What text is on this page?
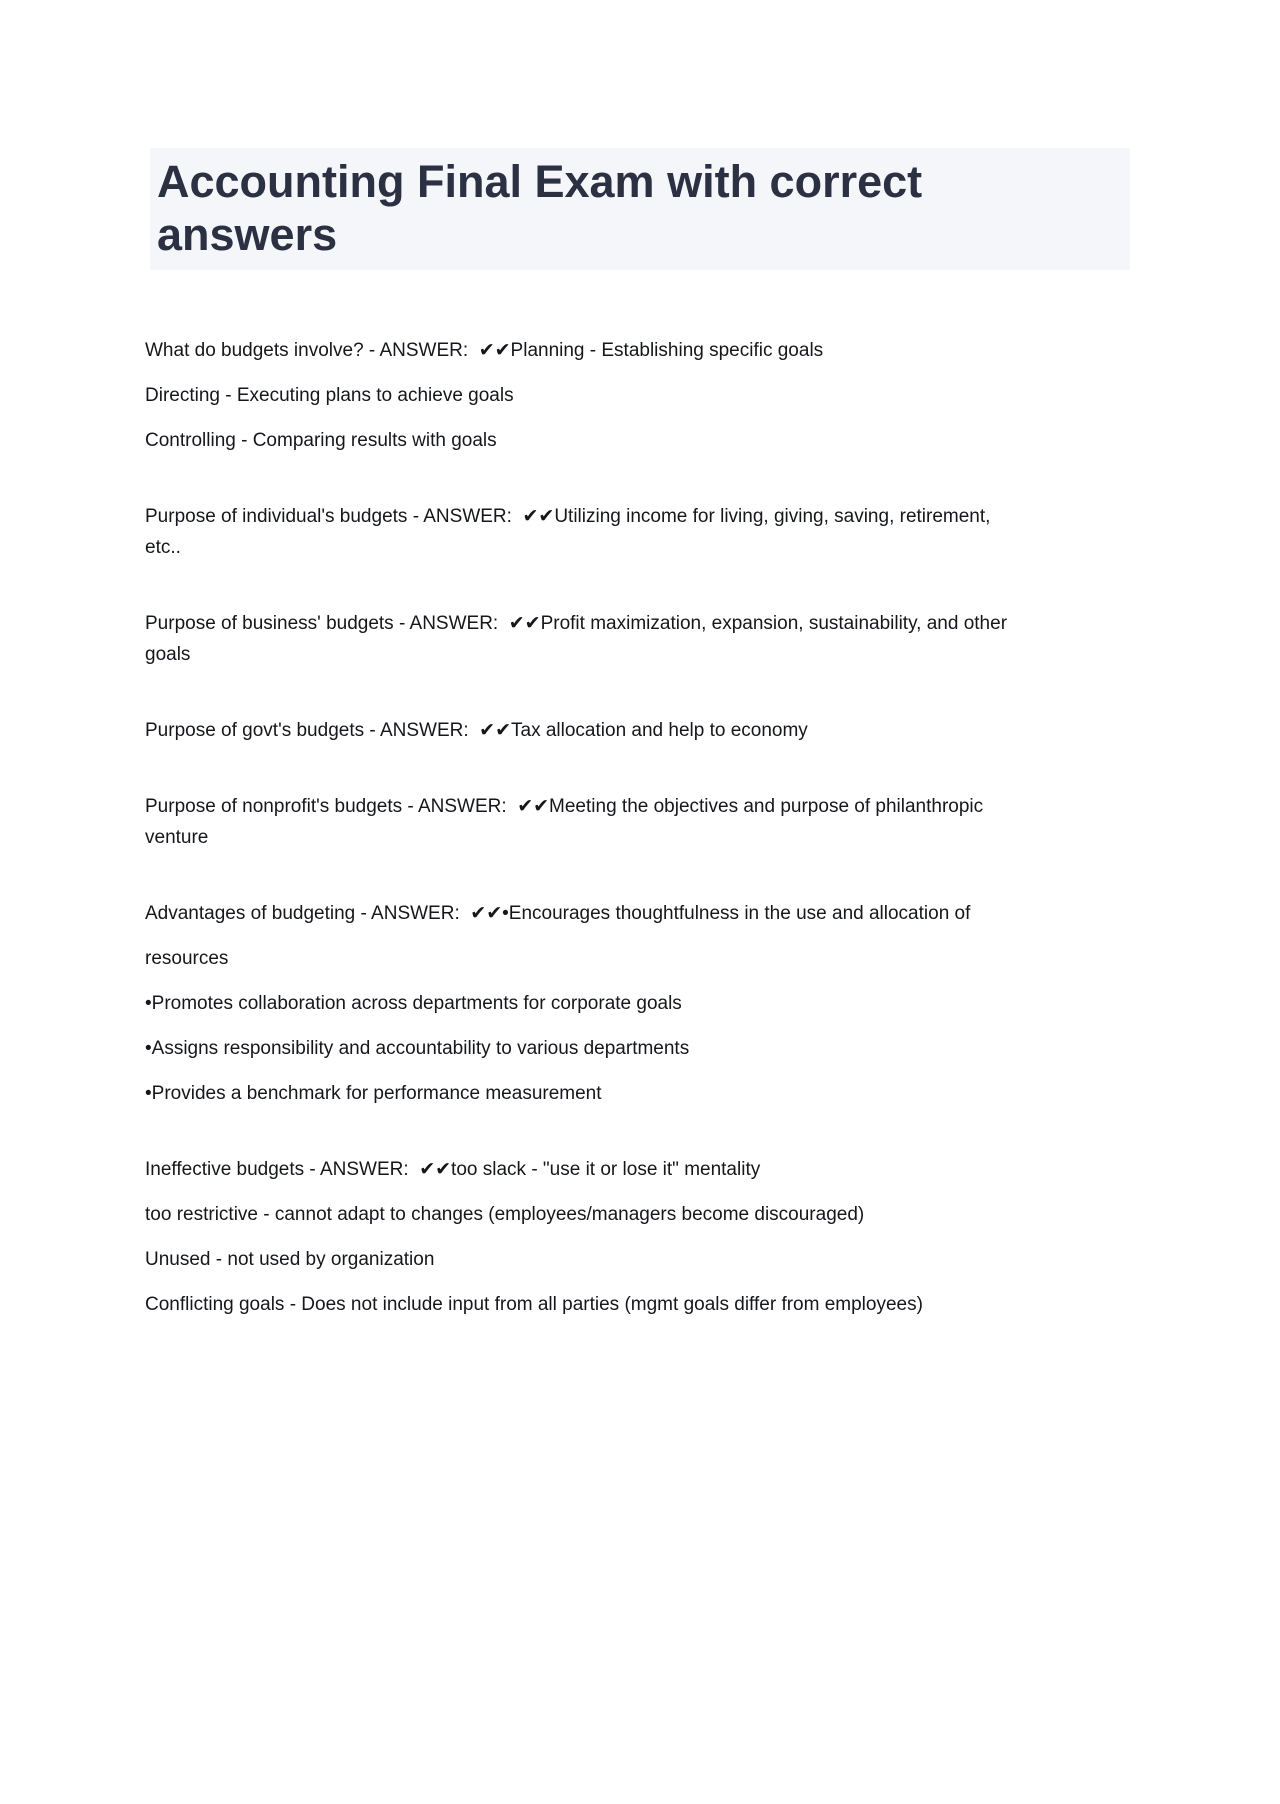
Accounting Final Exam with correct answers

What do budgets involve? - ANSWER:  ✔✔Planning - Establishing specific goals

Directing - Executing plans to achieve goals

Controlling - Comparing results with goals

Purpose of individual's budgets - ANSWER:  ✔✔Utilizing income for living, giving, saving, retirement,
etc..

Purpose of business' budgets - ANSWER:  ✔✔Profit maximization, expansion, sustainability, and other
goals

Purpose of govt's budgets - ANSWER:  ✔✔Tax allocation and help to economy

Purpose of nonprofit's budgets - ANSWER:  ✔✔Meeting the objectives and purpose of philanthropic
venture

Advantages of budgeting - ANSWER:  ✔✔•Encourages thoughtfulness in the use and allocation of

resources

•Promotes collaboration across departments for corporate goals

•Assigns responsibility and accountability to various departments

•Provides a benchmark for performance measurement

Ineffective budgets - ANSWER:  ✔✔too slack - "use it or lose it" mentality

too restrictive - cannot adapt to changes (employees/managers become discouraged)

Unused - not used by organization

Conflicting goals - Does not include input from all parties (mgmt goals differ from employees)
